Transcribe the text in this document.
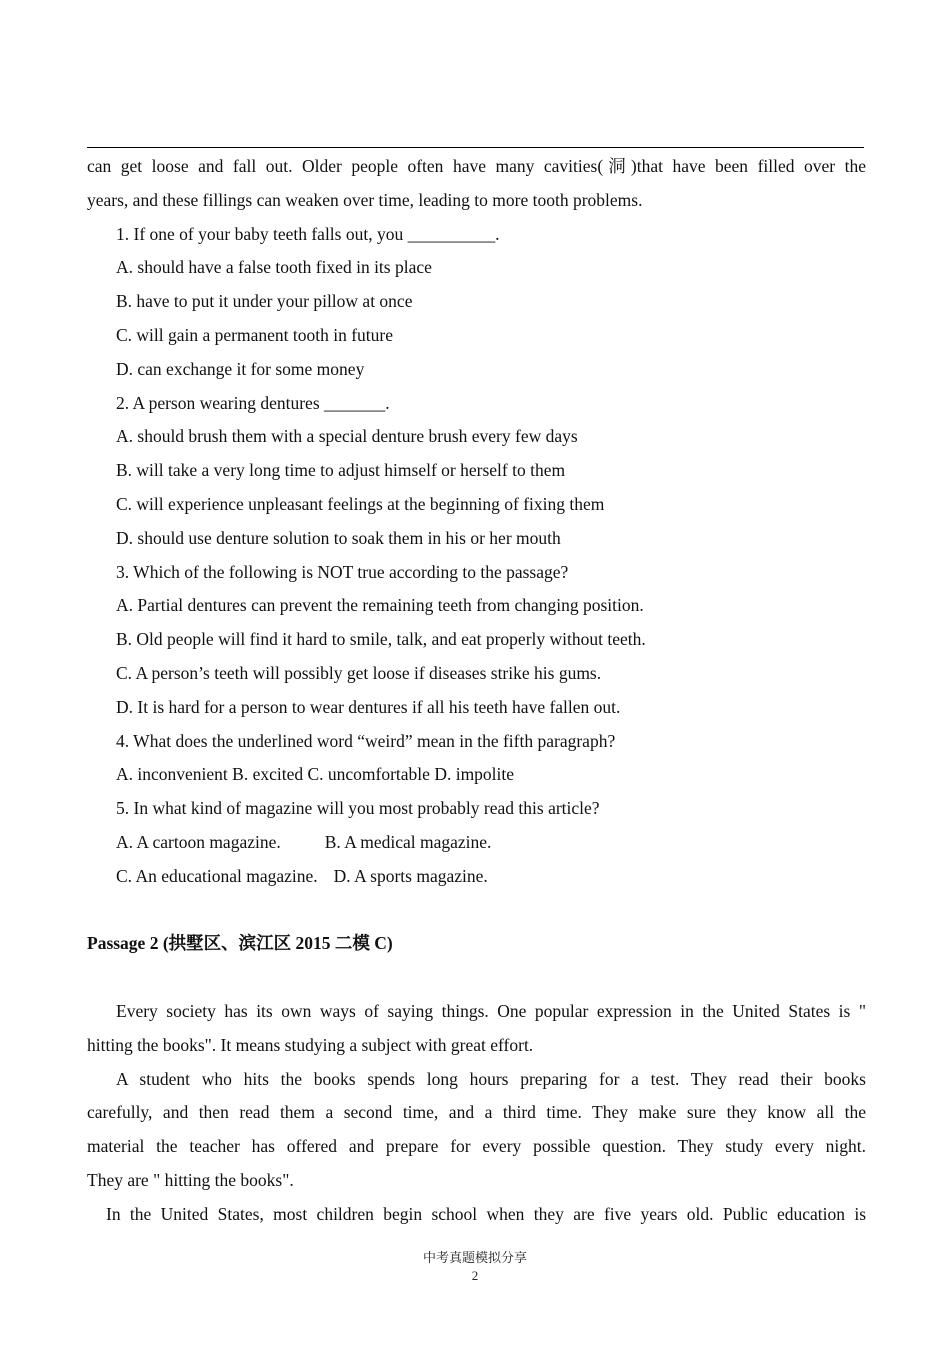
can get loose and fall out. Older people often have many cavities(洞)that have been filled over the

years, and these fillings can weaken over time, leading to more tooth problems.

1. If one of your baby teeth falls out, you __________.

A. should have a false tooth fixed in its place

B. have to put it under your pillow at once

C. will gain a permanent tooth in future

D. can exchange it for some money

2. A person wearing dentures _______.

A. should brush them with a special denture brush every few days

B. will take a very long time to adjust himself or herself to them

C. will experience unpleasant feelings at the beginning of fixing them

D. should use denture solution to soak them in his or her mouth

3. Which of the following is NOT true according to the passage?

A. Partial dentures can prevent the remaining teeth from changing position.

B. Old people will find it hard to smile, talk, and eat properly without teeth.

C. A person’s teeth will possibly get loose if diseases strike his gums.

D. It is hard for a person to wear dentures if all his teeth have fallen out.

4. What does the underlined word “weird” mean in the fifth paragraph?

A. inconvenient B. excited C. uncomfortable D. impolite

5. In what kind of magazine will you most probably read this article?

A. A cartoon magazine.	B. A medical magazine.

C. An educational magazine. D. A sports magazine.

Passage 2 (拱墅区、滨江区 2015 二模 C)

Every society has its own ways of saying things. One popular expression in the United States is "

hitting the books". It means studying a subject with great effort.

A student who hits the books spends long hours preparing for a test. They read their books

carefully, and then read them a second time, and a third time. They make sure they know all the

material the teacher has offered and prepare for every possible question. They study every night.

They are " hitting the books".

In the United States, most children begin school when they are five years old. Public education is

中考真题模拟分享
2
